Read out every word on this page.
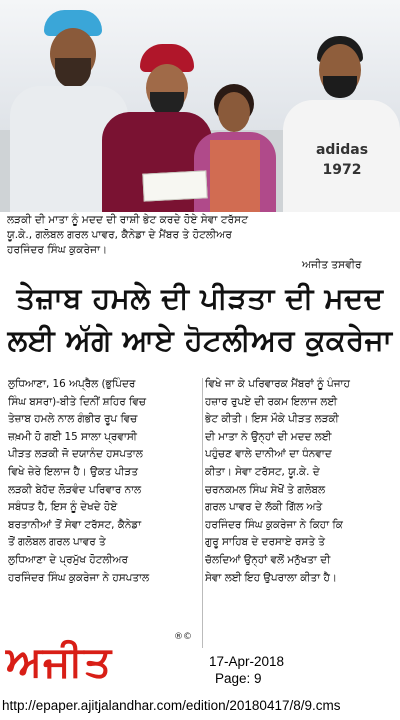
adidas 1972
ਲੜਕੀ ਦੀ ਮਾਤਾ ਨੂੰ ਮਦਦ ਦੀ ਰਾਸ਼ੀ ਭੇਟ ਕਰਦੇ ਹੋਏ ਸੇਵਾ ਟਰੱਸਟ
ਯੂ.ਕੇ., ਗਲੋਬਲ ਗਰਲ ਪਾਵਰ, ਕੈਨੇਡਾ ਦੇ ਮੈਂਬਰ ਤੇ ਹੋਟਲੀਅਰ
ਹਰਜਿੰਦਰ ਸਿੰਘ ਕੁਕਰੇਜਾ।
ਅਜੀਤ ਤਸਵੀਰ
ਤੇਜ਼ਾਬ ਹਮਲੇ ਦੀ ਪੀੜਤਾ ਦੀ ਮਦਦ
ਲਈ ਅੱਗੇ ਆਏ ਹੋਟਲੀਅਰ ਕੁਕਰੇਜਾ
ਲੁਧਿਆਣਾ, 16 ਅਪ੍ਰੈਲ (ਭੁਪਿੰਦਰ
ਸਿੰਘ ਬਸਰਾ)-ਬੀਤੇ ਦਿਨੀਂ ਸ਼ਹਿਰ ਵਿਚ
ਤੇਜ਼ਾਬ ਹਮਲੇ ਨਾਲ ਗੰਭੀਰ ਰੂਪ ਵਿਚ
ਜ਼ਖ਼ਮੀ ਹੋ ਗਈ 15 ਸਾਲਾ ਪ੍ਰਵਾਸੀ
ਪੀੜਤ ਲੜਕੀ ਜੋ ਦਯਾਨੰਦ ਹਸਪਤਾਲ
ਵਿਖੇ ਜ਼ੇਰੇ ਇਲਾਜ ਹੈ। ਉਕਤ ਪੀੜਤ
ਲੜਕੀ ਬੇਹੱਦ ਲੋੜਵੰਦ ਪਰਿਵਾਰ ਨਾਲ
ਸਬੰਧਤ ਹੈ, ਇਸ ਨੂੰ ਦੇਖਦੇ ਹੋਏ
ਬਰਤਾਨੀਆਂ ਤੋਂ ਸੇਵਾ ਟਰੱਸਟ, ਕੈਨੇਡਾ
ਤੋਂ ਗਲੋਬਲ ਗਰਲ ਪਾਵਰ ਤੇ
ਲੁਧਿਆਣਾ ਦੇ ਪ੍ਰਮੁੱਖ ਹੋਟਲੀਅਰ
ਹਰਜਿੰਦਰ ਸਿੰਘ ਕੁਕਰੇਜਾ ਨੇ ਹਸਪਤਾਲ
ਵਿਖੇ ਜਾ ਕੇ ਪਰਿਵਾਰਕ ਮੈਂਬਰਾਂ ਨੂੰ ਪੰਜਾਹ
ਹਜ਼ਾਰ ਰੁਪਏ ਦੀ ਰਕਮ ਇਲਾਜ ਲਈ
ਭੇਟ ਕੀਤੀ। ਇਸ ਮੌਕੇ ਪੀੜਤ ਲੜਕੀ
ਦੀ ਮਾਤਾ ਨੇ ਉਨ੍ਹਾਂ ਦੀ ਮਦਦ ਲਈ
ਪਹੁੰਚਣ ਵਾਲੇ ਦਾਨੀਆਂ ਦਾ ਧੰਨਵਾਦ
ਕੀਤਾ। ਸੇਵਾ ਟਰੱਸਟ, ਯੂ.ਕੇ. ਦੇ
ਚਰਨਕਮਲ ਸਿੰਘ ਸੇਖੋਂ ਤੇ ਗਲੋਬਲ
ਗਰਲ ਪਾਵਰ ਦੇ ਲੱਕੀ ਗਿੱਲ ਅਤੇ
ਹਰਜਿੰਦਰ ਸਿੰਘ ਕੁਕਰੇਜਾ ਨੇ ਕਿਹਾ ਕਿ
ਗੁਰੂ ਸਾਹਿਬ ਦੇ ਦਰਸਾਏ ਰਸਤੇ ਤੇ
ਚੱਲਦਿਆਂ ਉਨ੍ਹਾਂ ਵਲੋਂ ਮਨੁੱਖਤਾ ਦੀ
ਸੇਵਾ ਲਈ ਇਹ ਉਪਰਾਲਾ ਕੀਤਾ ਹੈ।
ਅਜੀਤ	®©
17-Apr-2018
Page: 9
http://epaper.ajitjalandhar.com/edition/20180417/8/9.cms
